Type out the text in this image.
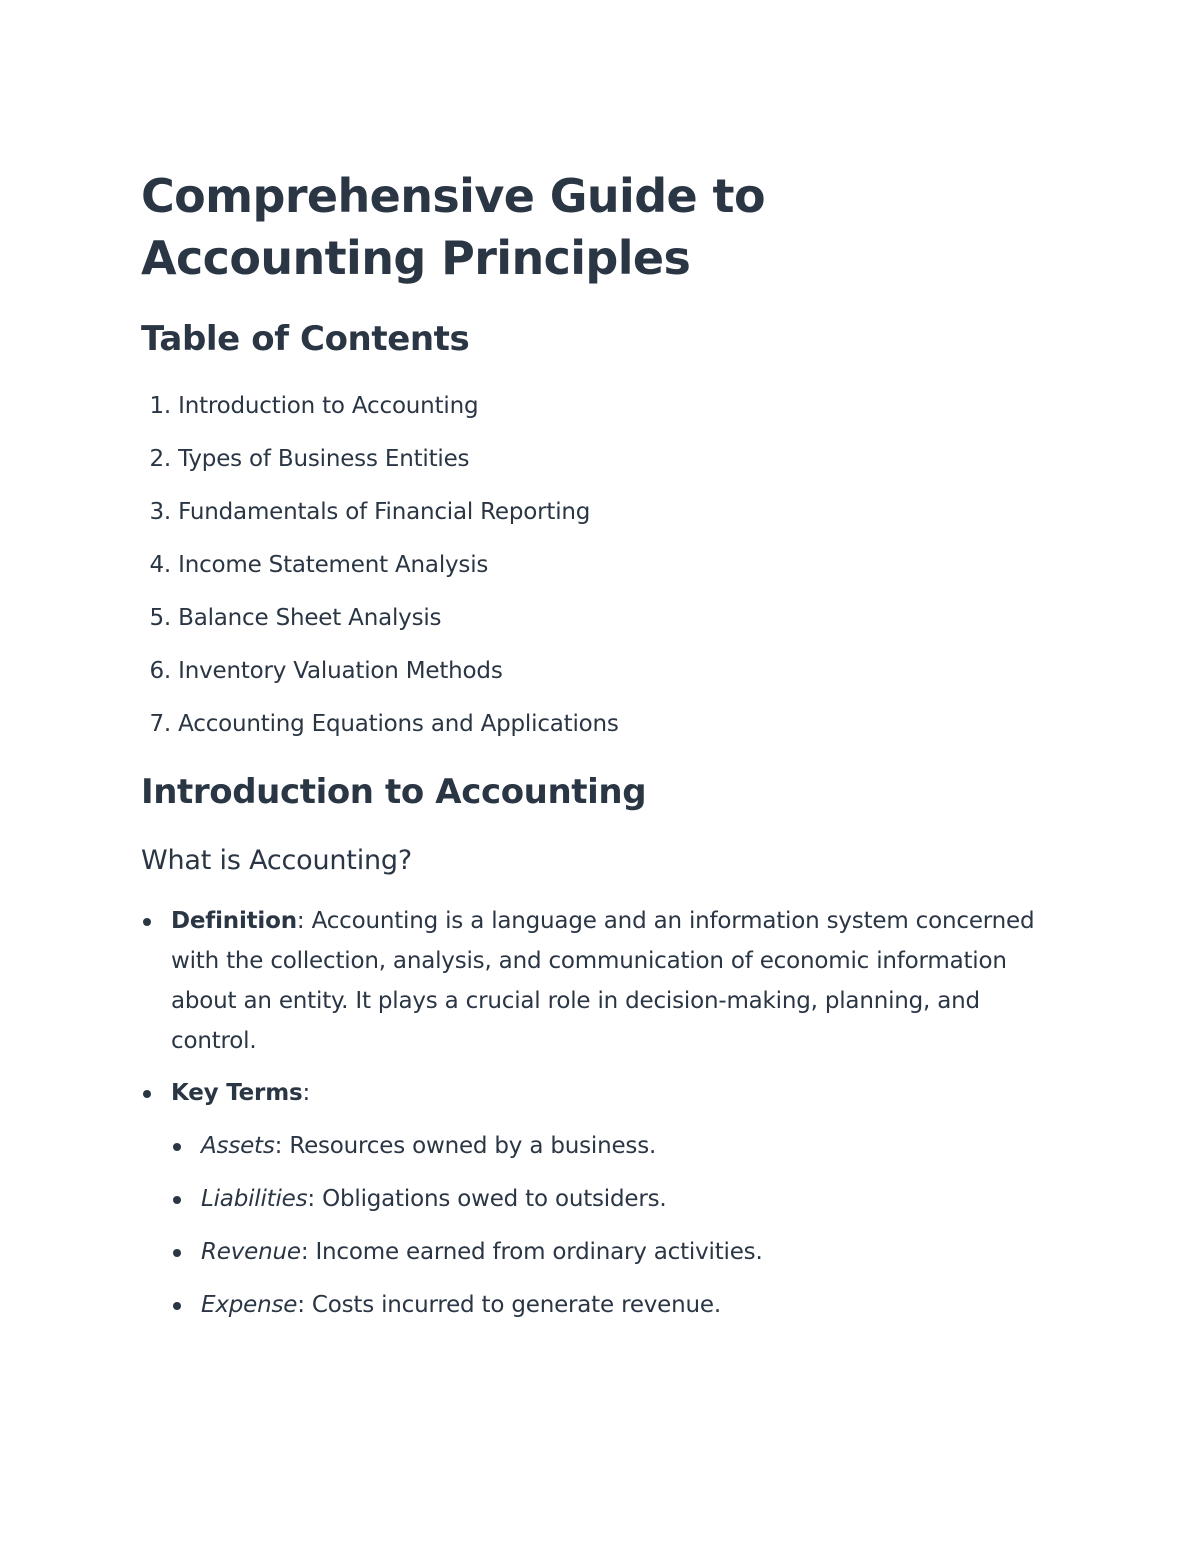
Comprehensive Guide to Accounting Principles
Table of Contents
1. Introduction to Accounting
2. Types of Business Entities
3. Fundamentals of Financial Reporting
4. Income Statement Analysis
5. Balance Sheet Analysis
6. Inventory Valuation Methods
7. Accounting Equations and Applications
Introduction to Accounting
What is Accounting?
Definition: Accounting is a language and an information system concerned with the collection, analysis, and communication of economic information about an entity. It plays a crucial role in decision-making, planning, and control.
Key Terms:
Assets: Resources owned by a business.
Liabilities: Obligations owed to outsiders.
Revenue: Income earned from ordinary activities.
Expense: Costs incurred to generate revenue.
